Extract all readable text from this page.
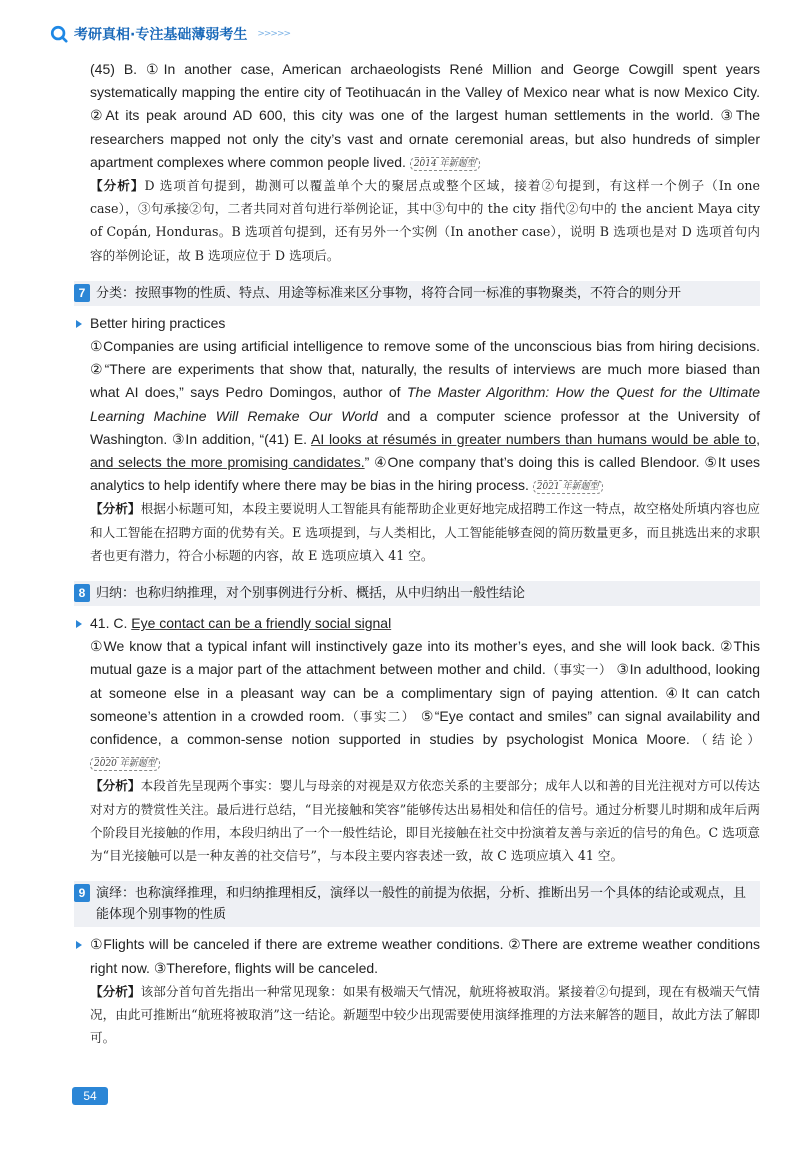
考研真相·专注基础薄弱考生 >>>>>

(45) B. ①In another case, American archaeologists René Million and George Cowgill spent years systematically mapping the entire city of Teotihuacán in the Valley of Mexico near what is now Mexico City. ②At its peak around AD 600, this city was one of the largest human settlements in the world. ③The researchers mapped not only the city’s vast and ornate ceremonial areas, but also hundreds of simpler apartment complexes where common people lived. 2014 年新题型

【分析】D 选项首句提到，勘测可以覆盖单个大的聚居点或整个区域，接着②句提到，有这样一个例子（In one case），③句承接②句，二者共同对首句进行举例论证，其中③句中的 the city 指代②句中的 the ancient Maya city of Copán, Honduras。B 选项首句提到，还有另外一个实例（In another case），说明 B 选项也是对 D 选项首句内容的举例论证，故 B 选项应位于 D 选项后。

7 分类：按照事物的性质、特点、用途等标准来区分事物，将符合同一标准的事物聚类，不符合的则分开

Better hiring practices

①Companies are using artificial intelligence to remove some of the unconscious bias from hiring decisions. ②“There are experiments that show that, naturally, the results of interviews are much more biased than what AI does,” says Pedro Domingos, author of The Master Algorithm: How the Quest for the Ultimate Learning Machine Will Remake Our World and a computer science professor at the University of Washington. ③In addition, “(41) E. AI looks at résumés in greater numbers than humans would be able to, and selects the more promising candidates.” ④One company that’s doing this is called Blendoor. ⑤It uses analytics to help identify where there may be bias in the hiring process. 2021 年新题型

【分析】根据小标题可知，本段主要说明人工智能具有能帮助企业更好地完成招聘工作这一特点，故空格处所填内容也应和人工智能在招聘方面的优势有关。E 选项提到，与人类相比，人工智能能够查阅的简历数量更多，而且挑选出来的求职者也更有潜力，符合小标题的内容，故 E 选项应填入 41 空。

8 归纳：也称归纳推理，对个别事例进行分析、概括，从中归纳出一般性结论

41. C. Eye contact can be a friendly social signal

①We know that a typical infant will instinctively gaze into its mother’s eyes, and she will look back. ②This mutual gaze is a major part of the attachment between mother and child.（事实一） ③In adulthood, looking at someone else in a pleasant way can be a complimentary sign of paying attention. ④It can catch someone’s attention in a crowded room.（事实二） ⑤“Eye contact and smiles” can signal availability and confidence, a common-sense notion supported in studies by psychologist Monica Moore.（结论） 2020 年新题型

【分析】本段首先呈现两个事实：婴儿与母亲的对视是双方依恋关系的主要部分；成年人以和善的目光注视对方可以传达对对方的赞赏性关注。最后进行总结，“目光接触和笑容”能够传达出易相处和信任的信号。通过分析婴儿时期和成年后两个阶段目光接触的作用，本段归纳出了一个一般性结论，即目光接触在社交中扮演着友善与亲近的信号的角色。C 选项意为“目光接触可以是一种友善的社交信号”，与本段主要内容表述一致，故 C 选项应填入 41 空。

9 演绎：也称演绎推理，和归纳推理相反，演绎以一般性的前提为依据，分析、推断出另一个具体的结论或观点，且能体现个别事物的性质

①Flights will be canceled if there are extreme weather conditions. ②There are extreme weather conditions right now. ③Therefore, flights will be canceled.

【分析】该部分首句首先指出一种常见现象：如果有极端天气情况，航班将被取消。紧接着②句提到，现在有极端天气情况，由此可推断出“航班将被取消”这一结论。新题型中较少出现需要使用演绎推理的方法来解答的题目，故此方法了解即可。

54
